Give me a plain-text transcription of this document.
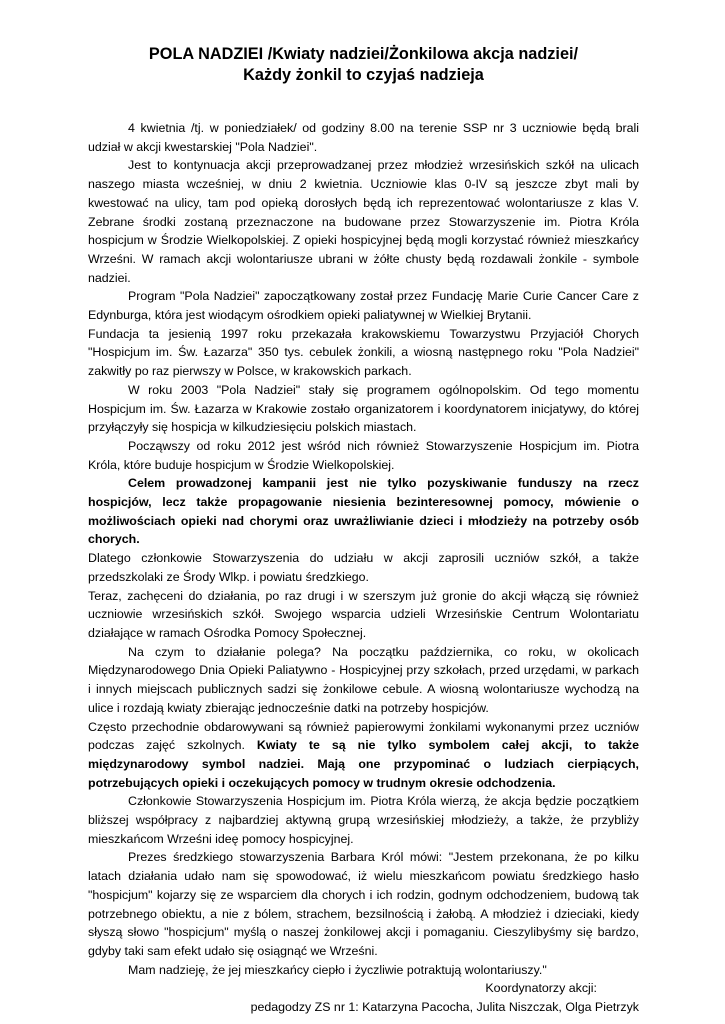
POLA NADZIEI /Kwiaty nadziei/Żonkilowa akcja nadziei/
Każdy żonkil to czyjaś nadzieja

4 kwietnia /tj. w poniedziałek/ od godziny 8.00 na terenie SSP nr 3 uczniowie będą brali udział w akcji kwestarskiej "Pola Nadziei".

Jest to kontynuacja akcji przeprowadzanej przez młodzież wrzesińskich szkół na ulicach naszego miasta wcześniej, w dniu 2 kwietnia. Uczniowie klas 0-IV są jeszcze zbyt mali by kwestować na ulicy, tam pod opieką dorosłych będą ich reprezentować wolontariusze z klas V. Zebrane środki zostaną przeznaczone na budowane przez Stowarzyszenie im. Piotra Króla hospicjum w Środzie Wielkopolskiej. Z opieki hospicyjnej będą mogli korzystać również mieszkańcy Wrześni. W ramach akcji wolontariusze ubrani w żółte chusty będą rozdawali żonkile - symbole nadziei.

Program "Pola Nadziei" zapoczątkowany został przez Fundację Marie Curie Cancer Care z Edynburga, która jest wiodącym ośrodkiem opieki paliatywnej w Wielkiej Brytanii.

Fundacja ta jesienią 1997 roku przekazała krakowskiemu Towarzystwu Przyjaciół Chorych "Hospicjum im. Św. Łazarza" 350 tys. cebulek żonkili, a wiosną następnego roku "Pola Nadziei" zakwitły po raz pierwszy w Polsce, w krakowskich parkach.

W roku 2003 "Pola Nadziei" stały się programem ogólnopolskim. Od tego momentu Hospicjum im. Św. Łazarza w Krakowie zostało organizatorem i koordynatorem inicjatywy, do której przyłączyły się hospicja w kilkudziesięciu polskich miastach.

Począwszy od roku 2012 jest wśród nich również Stowarzyszenie Hospicjum im. Piotra Króla, które buduje hospicjum w Środzie Wielkopolskiej.

Celem prowadzonej kampanii jest nie tylko pozyskiwanie funduszy na rzecz hospicjów, lecz także propagowanie niesienia bezinteresownej pomocy, mówienie o możliwościach opieki nad chorymi oraz uwrażliwianie dzieci i młodzieży na potrzeby osób chorych.

Dlatego członkowie Stowarzyszenia do udziału w akcji zaprosili uczniów szkół, a także przedszkolaki ze Środy Wlkp. i powiatu średzkiego.

Teraz, zachęceni do działania, po raz drugi i w szerszym już gronie do akcji włączą się również uczniowie wrzesińskich szkół. Swojego wsparcia udzieli Wrzesińskie Centrum Wolontariatu działające w ramach Ośrodka Pomocy Społecznej.

Na czym to działanie polega? Na początku października, co roku, w okolicach Międzynarodowego Dnia Opieki Paliatywno - Hospicyjnej przy szkołach, przed urzędami, w parkach i innych miejscach publicznych sadzi się żonkilowe cebule. A wiosną wolontariusze wychodzą na ulice i rozdają kwiaty zbierając jednocześnie datki na potrzeby hospicjów.

Często przechodnie obdarowywani są również papierowymi żonkilami wykonanymi przez uczniów podczas zajęć szkolnych. Kwiaty te są nie tylko symbolem całej akcji, to także międzynarodowy symbol nadziei. Mają one przypominać o ludziach cierpiących, potrzebujących opieki i oczekujących pomocy w trudnym okresie odchodzenia.

Członkowie Stowarzyszenia Hospicjum im. Piotra Króla wierzą, że akcja będzie początkiem bliższej współpracy z najbardziej aktywną grupą wrzesińskiej młodzieży, a także, że przybliży mieszkańcom Wrześni ideę pomocy hospicyjnej.

Prezes średzkiego stowarzyszenia Barbara Król mówi: "Jestem przekonana, że po kilku latach działania udało nam się spowodować, iż wielu mieszkańcom powiatu średzkiego hasło "hospicjum" kojarzy się ze wsparciem dla chorych i ich rodzin, godnym odchodzeniem, budową tak potrzebnego obiektu, a nie z bólem, strachem, bezsilnością i żałobą. A młodzież i dzieciaki, kiedy słyszą słowo "hospicjum" myślą o naszej żonkilowej akcji i pomaganiu. Cieszylibyśmy się bardzo, gdyby taki sam efekt udało się osiągnąć we Wrześni.

Mam nadzieję, że jej mieszkańcy ciepło i życzliwie potraktują wolontariuszy."

Koordynatorzy akcji:
pedagodzy ZS nr 1: Katarzyna Pacocha, Julita Niszczak, Olga Pietrzyk
